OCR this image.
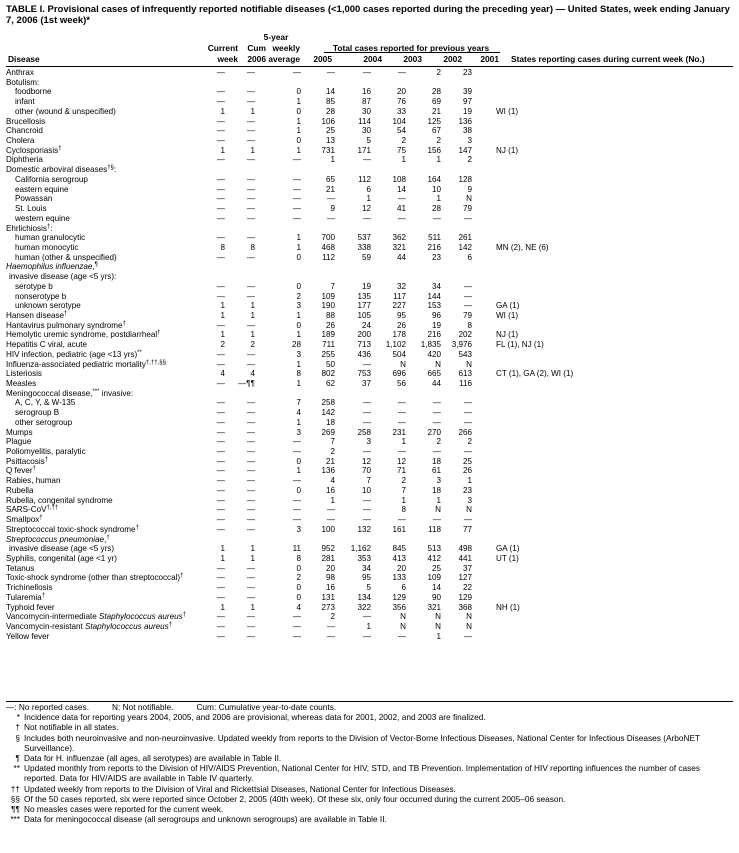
TABLE I. Provisional cases of infrequently reported notifiable diseases (<1,000 cases reported during the preceding year) — United States, week ending January 7, 2006 (1st week)*
5-year
Current	Cum weekly	Total cases reported for previous years
Disease	week	2006 average	2005	2004	2003	2002	2001 States reporting cases during current week (No.)
Anthrax	—	—	—	—	—	—	2	23	
Botulism:									
foodborne	—	—	0	14	16	20	28	39	
infant	—	—	1	85	87	76	69	97	
other (wound & unspecified)	1	1	0	28	30	33	21	19	WI (1)
Brucellosis	—	—	1	106	114	104	125	136	
Chancroid	—	—	1	25	30	54	67	38	
Cholera	—	—	0	13	5	2	2	3	
Cyclosporiasis†	1	1	1	731	171	75	156	147	NJ (1)
Diphtheria	—	—	—	1	—	1	1	2	
Domestic arboviral diseases†§:									
California serogroup	—	—	—	65	112	108	164	128	
eastern equine	—	—	—	21	6	14	10	9	
Powassan	—	—	—	—	1	—	1	N	
St. Louis	—	—	—	9	12	41	28	79	
western equine	—	—	—	—	—	—	—	—	
Ehrlichiosis†:									
human granulocytic	—	—	1	700	537	362	511	261	
human monocytic	8	8	1	468	338	321	216	142	MN (2), NE (6)
human (other & unspecified)	—	—	0	112	59	44	23	6	
Haemophilus influenzae,¶									
invasive disease (age <5 yrs):									
serotype b	—	—	0	7	19	32	34	—	
nonserotype b	—	—	2	109	135	117	144	—	
unknown serotype	1	1	3	190	177	227	153	—	GA (1)
Hansen disease†	1	1	1	88	105	95	96	79	WI (1)
Hantavirus pulmonary syndrome†	—	—	0	26	24	26	19	8	
Hemolytic uremic syndrome, postdiarrheal†	1	1	1	189	200	178	216	202	NJ (1)
Hepatitis C viral, acute	2	2	28	711	713	1,102	1,835	3,976	FL (1), NJ (1)
HIV infection, pediatric (age <13 yrs)**	—	—	3	255	436	504	420	543	
Influenza-associated pediatric mortality†,††,§§	—	—	1	50	—	N	N	N	
Listeriosis	4	4	8	802	753	696	665	613	CT (1), GA (2), WI (1)
Measles	—	—¶¶	1	62	37	56	44	116	
Meningococcal disease,*** invasive:									
A, C, Y, & W-135	—	—	7	258	—	—	—	—	
serogroup B	—	—	4	142	—	—	—	—	
other serogroup	—	—	1	18	—	—	—	—	
Mumps	—	—	3	269	258	231	270	266	
Plague	—	—	—	7	3	1	2	2	
Poliomyelitis, paralytic	—	—	—	2	—	—	—	—	
Psittacosis†	—	—	0	21	12	12	18	25	
Q fever†	—	—	1	136	70	71	61	26	
Rabies, human	—	—	—	4	7	2	3	1	
Rubella	—	—	0	16	10	7	18	23	
Rubella, congenital syndrome	—	—	—	1	—	1	1	3	
SARS-CoV†,††	—	—	—	—	—	8	N	N	
Smallpox†	—	—	—	—	—	—	—	—	
Streptococcal toxic-shock syndrome†	—	—	3	100	132	161	118	77	
Streptococcus pneumoniae,†									
invasive disease (age <5 yrs)	1	1	11	952	1,162	845	513	498	GA (1)
Syphilis, congenital (age <1 yr)	1	1	8	281	353	413	412	441	UT (1)
Tetanus	—	—	0	20	34	20	25	37	
Toxic-shock syndrome (other than streptococcal)†	—	—	2	98	95	133	109	127	
Trichinellosis	—	—	0	16	5	6	14	22	
Tularemia†	—	—	0	131	134	129	90	129	
Typhoid fever	1	1	4	273	322	356	321	368	NH (1)
Vancomycin-intermediate Staphylococcus aureus†	—	—	—	2	—	N	N	N	
Vancomycin-resistant Staphylococcus aureus†	—	—	—	—	1	N	N	N	
Yellow fever	—	—	—	—	—	—	1	—	
—: No reported cases.          N: Not notifiable.          Cum: Cumulative year-to-date counts.
* Incidence data for reporting years 2004, 2005, and 2006 are provisional, whereas data for 2001, 2002, and 2003 are finalized.
† Not notifiable in all states.
§ Includes both neuroinvasive and non-neuroinvasive. Updated weekly from reports to the Division of Vector-Borne Infectious Diseases, National Center for Infectious Diseases (ArboNET Surveillance).
¶ Data for H. influenzae (all ages, all serotypes) are available in Table II.
** Updated monthly from reports to the Division of HIV/AIDS Prevention, National Center for HIV, STD, and TB Prevention. Implementation of HIV reporting influences the number of cases reported. Data for HIV/AIDS are available in Table IV quarterly.
†† Updated weekly from reports to the Division of Viral and Rickettsial Diseases, National Center for Infectious Diseases.
§§ Of the 50 cases reported, six were reported since October 2, 2005 (40th week). Of these six, only four occurred during the current 2005–06 season.
¶¶ No measles cases were reported for the current week.
*** Data for meningococcal disease (all serogroups and unknown serogroups) are available in Table II.
